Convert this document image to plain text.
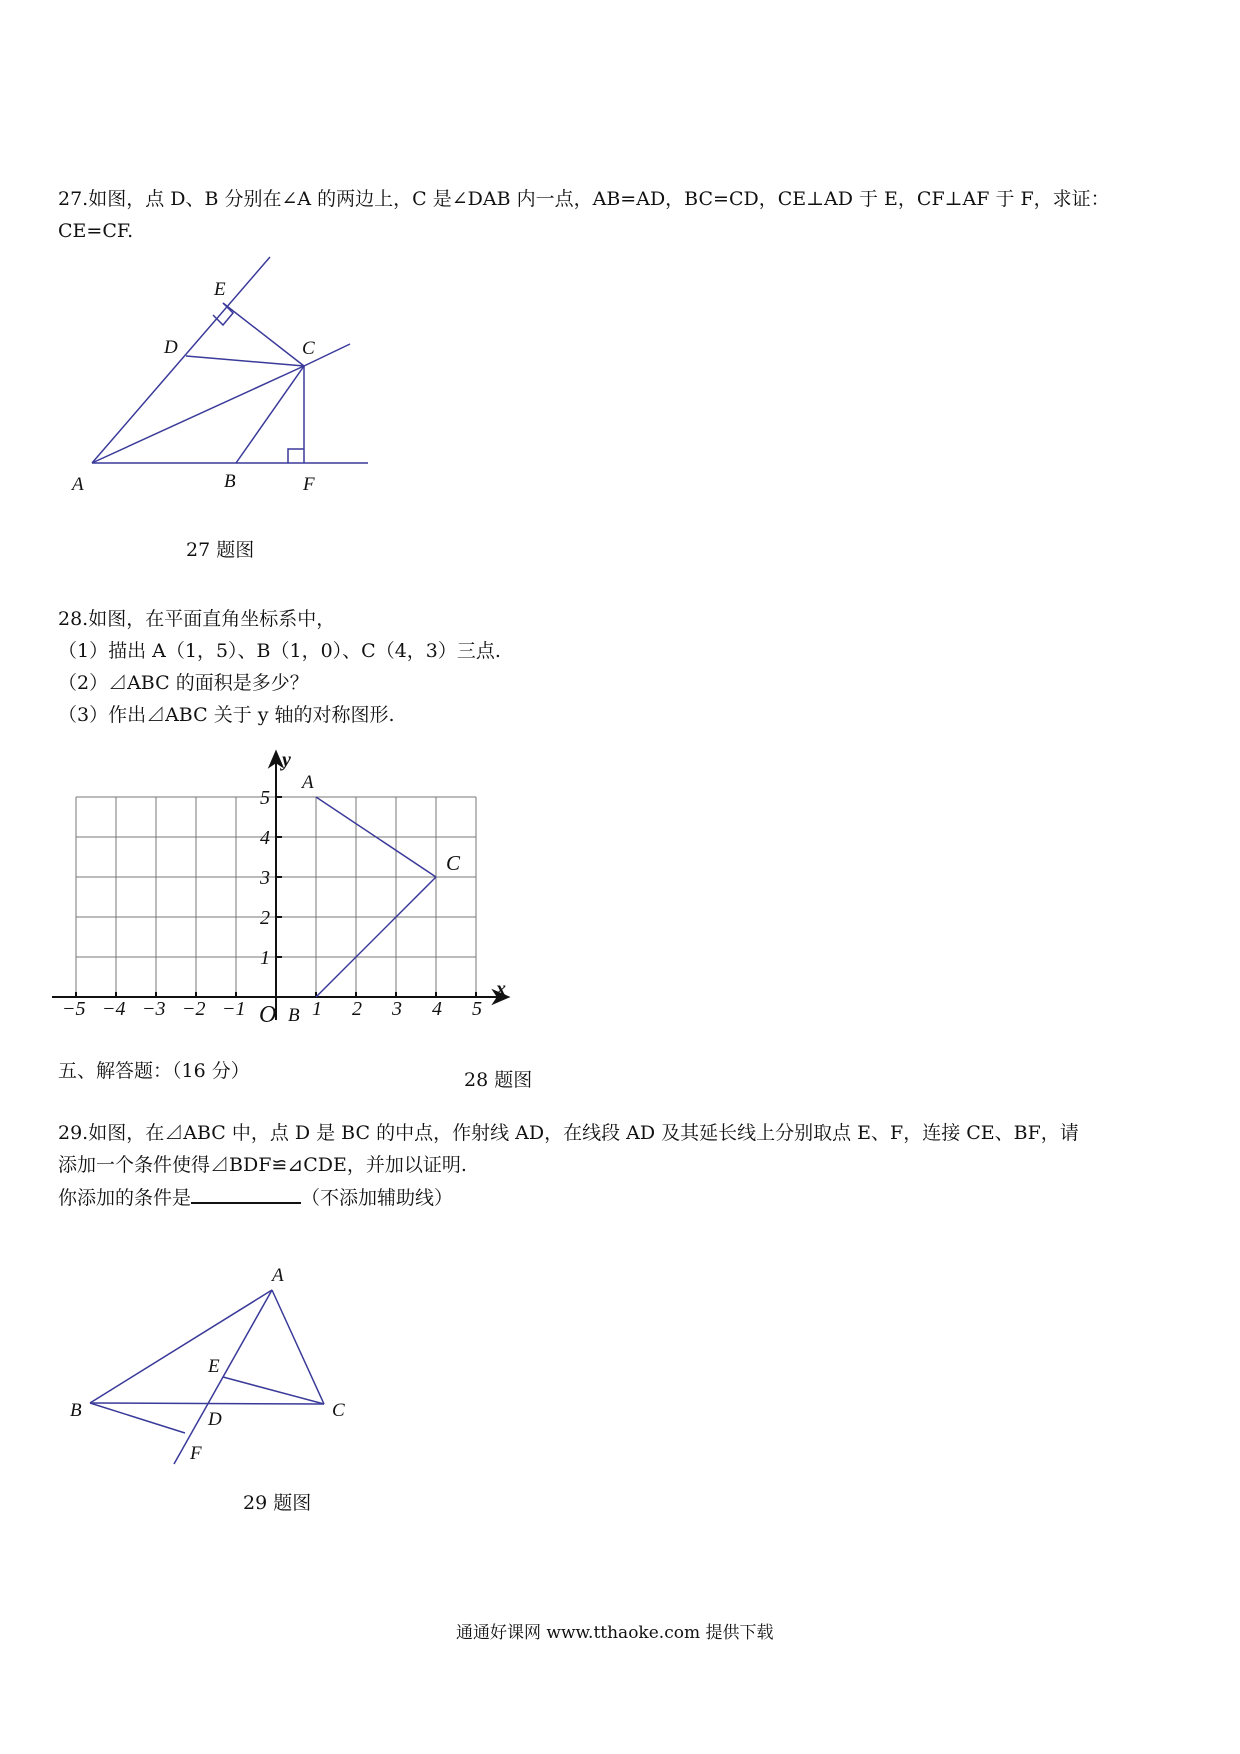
27.如图，点 D、B 分别在∠A 的两边上，C 是∠DAB 内一点，AB=AD，BC=CD，CE⊥AD 于 E，CF⊥AF 于 F，求证：
CE=CF.
E
D	C
A	B	F
27 题图
28.如图，在平面直角坐标系中，
（1）描出 A（1，5）、B（1，0）、C（4，3）三点.
（2）⊿ABC 的面积是多少？
（3）作出⊿ABC 关于 y 轴的对称图形.
−5 −4 −3 −2 −1	1 2 3 4 5
1
2
3
4
5
x
y
O
A
C
B
五、解答题：（16 分）	28 题图
29.如图，在⊿ABC 中，点 D 是 BC 的中点，作射线 AD，在线段 AD 及其延长线上分别取点 E、F，连接 CE、BF，请
添加一个条件使得⊿BDF≌⊿CDE，并加以证明.
你添加的条件是	（不添加辅助线）
A
E
B	D	C
F
29 题图
通通好课网 www.tthaoke.com 提供下载
